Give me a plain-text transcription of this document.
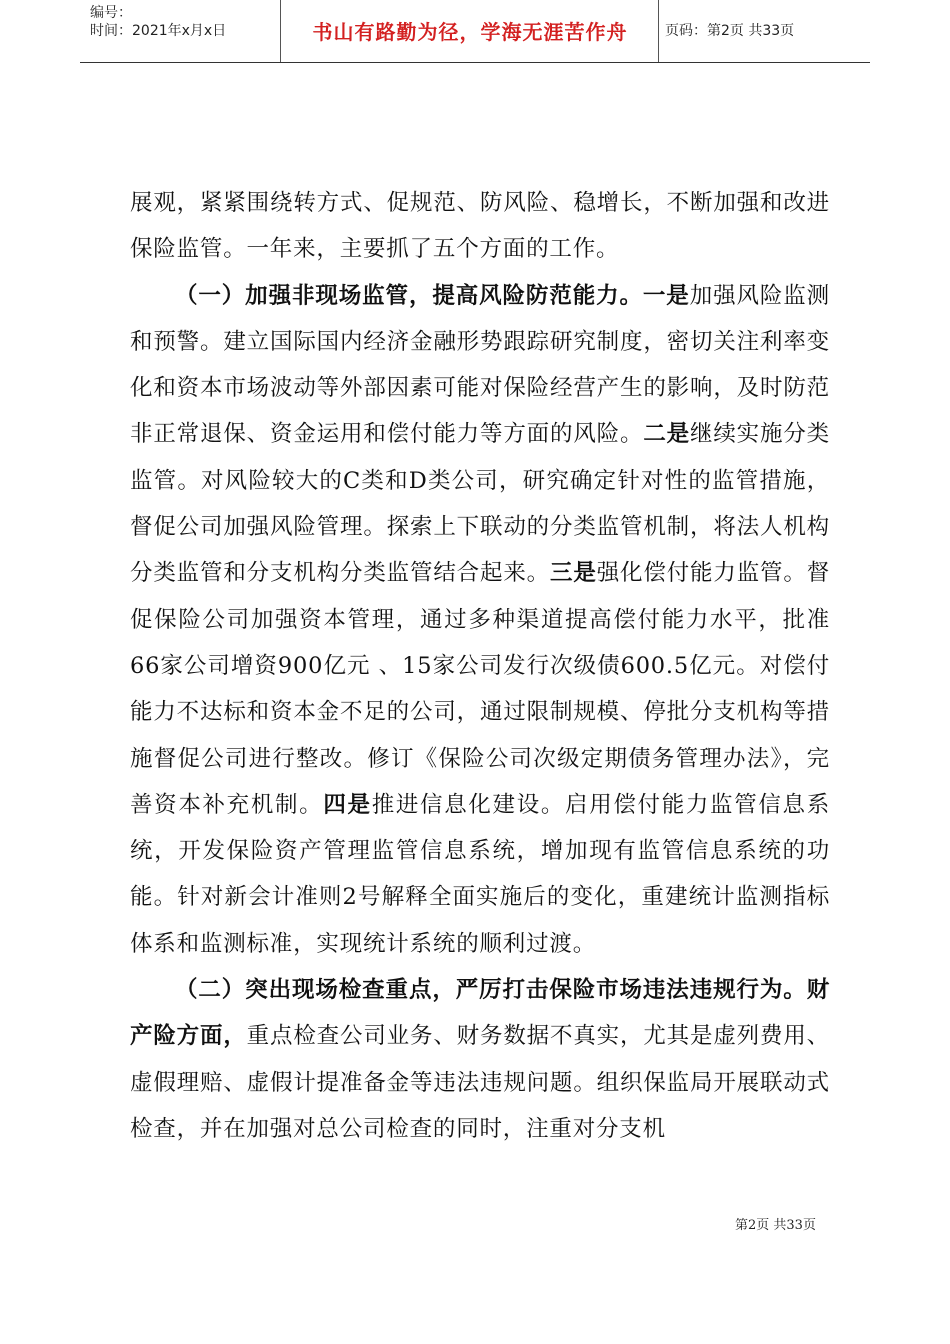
编号：
时间：2021年x月x日	书山有路勤为径，学海无涯苦作舟	页码：第2页 共33页

展观，紧紧围绕转方式、促规范、防风险、稳增长，不断加强和改进保险监管。一年来，主要抓了五个方面的工作。

（一）加强非现场监管，提高风险防范能力。一是加强风险监测和预警。建立国际国内经济金融形势跟踪研究制度，密切关注利率变化和资本市场波动等外部因素可能对保险经营产生的影响，及时防范非正常退保、资金运用和偿付能力等方面的风险。二是继续实施分类监管。对风险较大的C类和D类公司，研究确定针对性的监管措施，督促公司加强风险管理。探索上下联动的分类监管机制，将法人机构分类监管和分支机构分类监管结合起来。三是强化偿付能力监管。督促保险公司加强资本管理，通过多种渠道提高偿付能力水平，批准66家公司增资900亿元 、15家公司发行次级债600.5亿元。对偿付能力不达标和资本金不足的公司，通过限制规模、停批分支机构等措施督促公司进行整改。修订《保险公司次级定期债务管理办法》，完善资本补充机制。四是推进信息化建设。启用偿付能力监管信息系统，开发保险资产管理监管信息系统，增加现有监管信息系统的功能。针对新会计准则2号解释全面实施后的变化，重建统计监测指标体系和监测标准，实现统计系统的顺利过渡。

（二）突出现场检查重点，严厉打击保险市场违法违规行为。财产险方面，重点检查公司业务、财务数据不真实，尤其是虚列费用、虚假理赔、虚假计提准备金等违法违规问题。组织保监局开展联动式检查，并在加强对总公司检查的同时，注重对分支机

第2页 共33页
